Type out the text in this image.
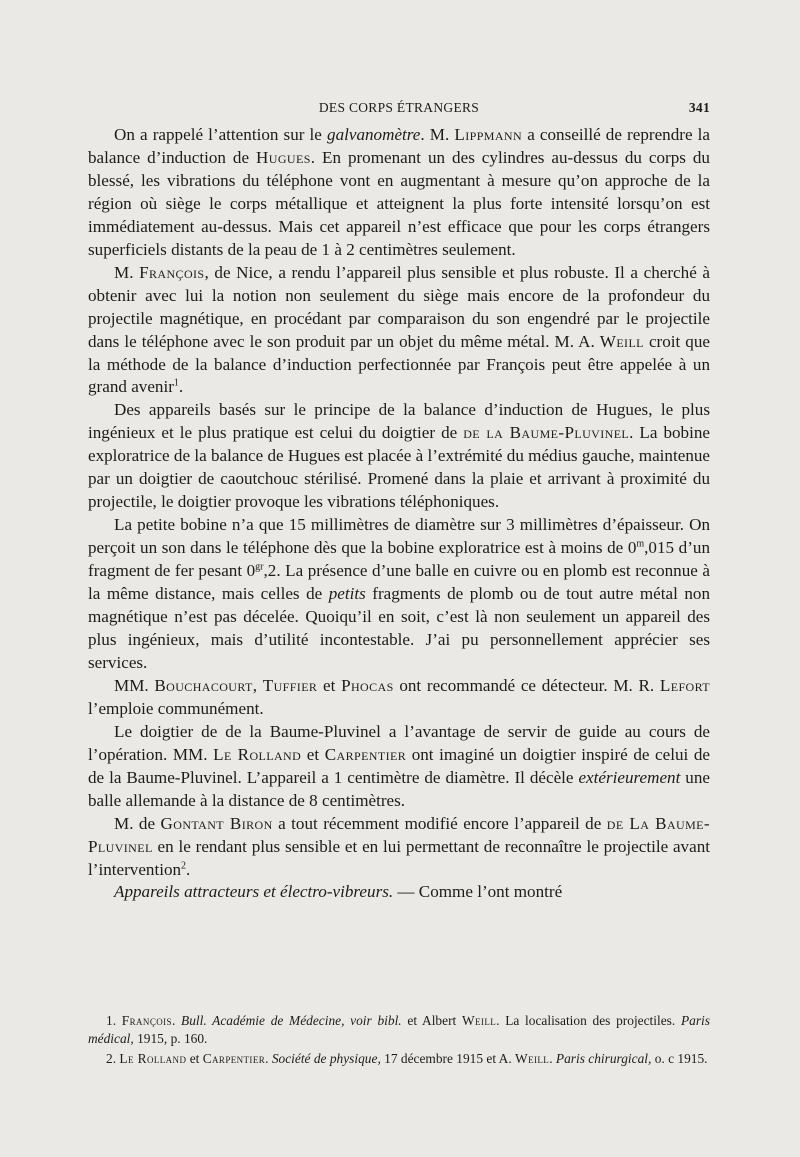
DES CORPS ÉTRANGERS	341

On a rappelé l’attention sur le galvanomètre. M. Lippmann a conseillé de reprendre la balance d’induction de Hugues. En promenant un des cylindres au-dessus du corps du blessé, les vibrations du téléphone vont en augmentant à mesure qu’on approche de la région où siège le corps métallique et atteignent la plus forte intensité lorsqu’on est immédiatement au-dessus. Mais cet appareil n’est efficace que pour les corps étrangers superficiels distants de la peau de 1 à 2 centimètres seulement.

M. François, de Nice, a rendu l’appareil plus sensible et plus robuste. Il a cherché à obtenir avec lui la notion non seulement du siège mais encore de la profondeur du projectile magnétique, en procédant par comparaison du son engendré par le projectile dans le téléphone avec le son produit par un objet du même métal. M. A. Weill croit que la méthode de la balance d’induction perfectionnée par François peut être appelée à un grand avenir$^1$.

Des appareils basés sur le principe de la balance d’induction de Hugues, le plus ingénieux et le plus pratique est celui du doigtier de de la Baume-Pluvinel. La bobine exploratrice de la balance de Hugues est placée à l’extrémité du médius gauche, maintenue par un doigtier de caoutchouc stérilisé. Promené dans la plaie et arrivant à proximité du projectile, le doigtier provoque les vibrations téléphoniques.

La petite bobine n’a que 15 millimètres de diamètre sur 3 millimètres d’épaisseur. On perçoit un son dans le téléphone dès que la bobine exploratrice est à moins de 0$^m$,015 d’un fragment de fer pesant $0^{gr},2$. La présence d’une balle en cuivre ou en plomb est reconnue à la même distance, mais celles de petits fragments de plomb ou de tout autre métal non magnétique n’est pas décelée. Quoiqu’il en soit, c’est là non seulement un appareil des plus ingénieux, mais d’utilité incontestable. J’ai pu personnellement apprécier ses services.

MM. Bouchacourt, Tuffier et Phocas ont recommandé ce détecteur. M. R. Lefort l’emploie communément.

Le doigtier de de la Baume-Pluvinel a l’avantage de servir de guide au cours de l’opération. MM. Le Rolland et Carpentier ont imaginé un doigtier inspiré de celui de de la Baume-Pluvinel. L’appareil a 1 centimètre de diamètre. Il décèle extérieurement une balle allemande à la distance de 8 centimètres.

M. de Gontant Biron a tout récemment modifié encore l’appareil de de La Baume-Pluvinel en le rendant plus sensible et en lui permettant de reconnaître le projectile avant l’intervention$^2$.

Appareils attracteurs et électro-vibreurs. — Comme l’ont montré

1. François. Bull. Académie de Médecine, voir bibl. et Albert Weill. La localisation des projectiles. Paris médical, 1915, p. 160.

2. Le Rolland et Carpentier. Société de physique, 17 décembre 1915 et A. Weill. Paris chirurgical, o. c 1915.
